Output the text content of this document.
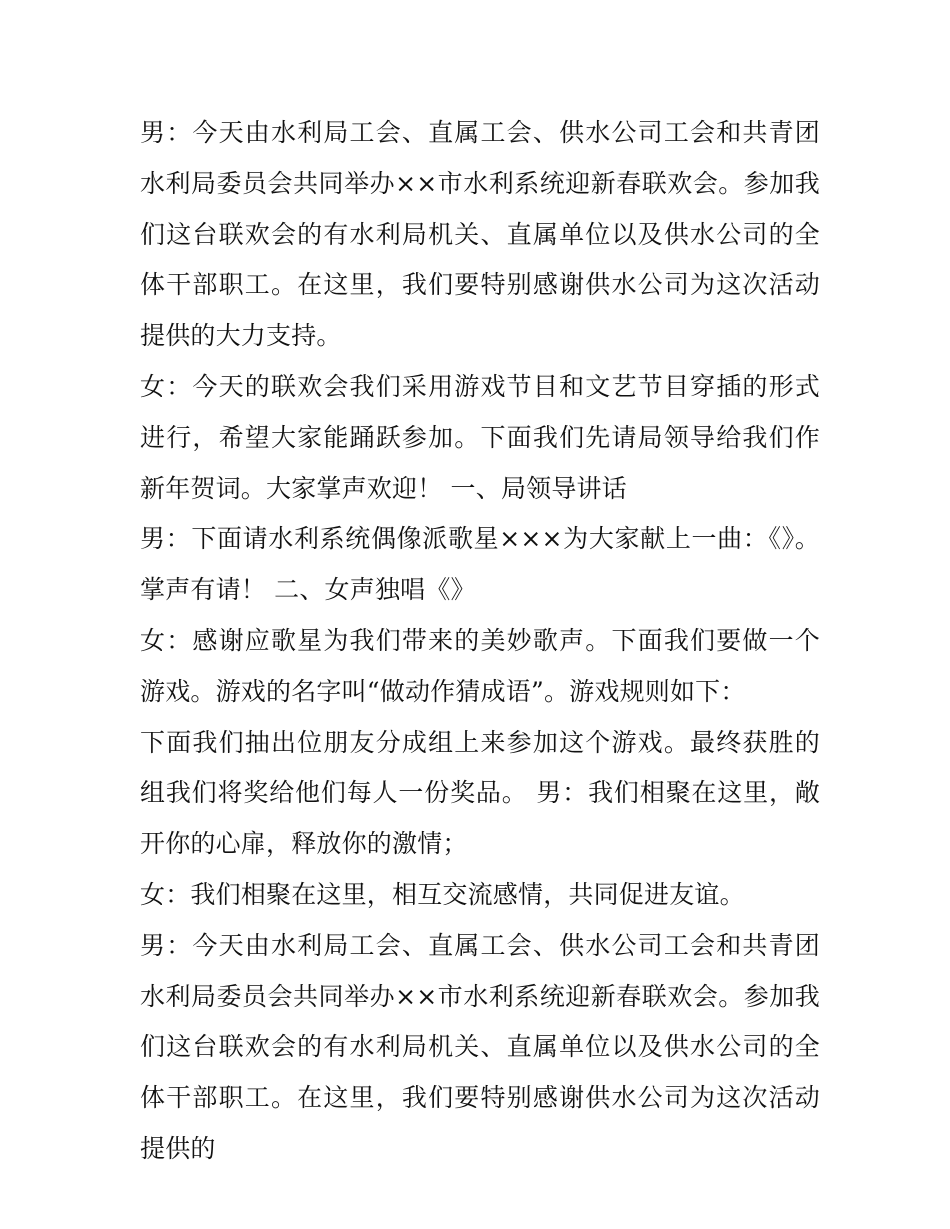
男：今天由水利局工会、直属工会、供水公司工会和共青团水利局委员会共同举办××市水利系统迎新春联欢会。参加我们这台联欢会的有水利局机关、直属单位以及供水公司的全体干部职工。在这里，我们要特别感谢供水公司为这次活动提供的大力支持。

女：今天的联欢会我们采用游戏节目和文艺节目穿插的形式进行，希望大家能踊跃参加。下面我们先请局领导给我们作新年贺词。大家掌声欢迎！ 一、局领导讲话

男：下面请水利系统偶像派歌星×××为大家献上一曲：《》。掌声有请！ 二、女声独唱《》

女：感谢应歌星为我们带来的美妙歌声。下面我们要做一个游戏。游戏的名字叫“做动作猜成语”。游戏规则如下：

下面我们抽出位朋友分成组上来参加这个游戏。最终获胜的组我们将奖给他们每人一份奖品。 男：我们相聚在这里，敞开你的心扉，释放你的激情；

女：我们相聚在这里，相互交流感情，共同促进友谊。

男：今天由水利局工会、直属工会、供水公司工会和共青团水利局委员会共同举办××市水利系统迎新春联欢会。参加我们这台联欢会的有水利局机关、直属单位以及供水公司的全体干部职工。在这里，我们要特别感谢供水公司为这次活动提供的
